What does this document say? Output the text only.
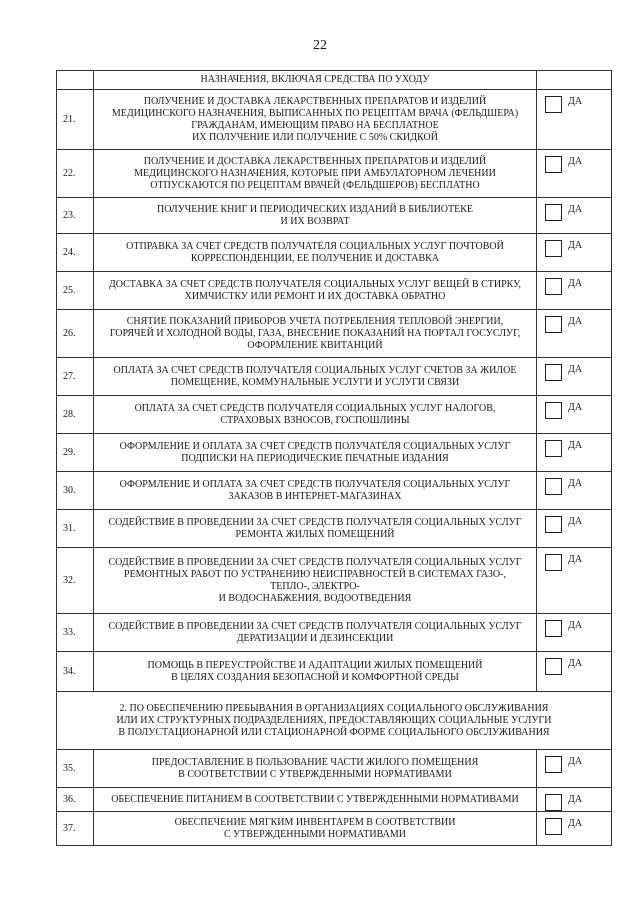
22
	НАЗНАЧЕНИЯ, ВКЛЮЧАЯ СРЕДСТВА ПО УХОДУ	
21.	ПОЛУЧЕНИЕ И ДОСТАВКА ЛЕКАРСТВЕННЫХ ПРЕПАРАТОВ И ИЗДЕЛИЙ
МЕДИЦИНСКОГО НАЗНАЧЕНИЯ, ВЫПИСАННЫХ ПО РЕЦЕПТАМ ВРАЧА (ФЕЛЬДШЕРА)
ГРАЖДАНАМ, ИМЕЮЩИМ ПРАВО НА БЕСПЛАТНОЕ
ИХ ПОЛУЧЕНИЕ ИЛИ ПОЛУЧЕНИЕ С 50% СКИДКОЙ	ДА

22.	ПОЛУЧЕНИЕ И ДОСТАВКА ЛЕКАРСТВЕННЫХ ПРЕПАРАТОВ И ИЗДЕЛИЙ
МЕДИЦИНСКОГО НАЗНАЧЕНИЯ, КОТОРЫЕ ПРИ АМБУЛАТОРНОМ ЛЕЧЕНИИ
ОТПУСКАЮТСЯ ПО РЕЦЕПТАМ ВРАЧЕЙ (ФЕЛЬДШЕРОВ) БЕСПЛАТНО	ДА

23.	ПОЛУЧЕНИЕ КНИГ И ПЕРИОДИЧЕСКИХ ИЗДАНИЙ В БИБЛИОТЕКЕ
И ИХ ВОЗВРАТ	ДА

24.	ОТПРАВКА ЗА СЧЕТ СРЕДСТВ ПОЛУЧАТЕЛЯ СОЦИАЛЬНЫХ УСЛУГ ПОЧТОВОЙ
КОРРЕСПОНДЕНЦИИ, ЕЕ ПОЛУЧЕНИЕ И ДОСТАВКА	ДА

25.	ДОСТАВКА ЗА СЧЕТ СРЕДСТВ ПОЛУЧАТЕЛЯ СОЦИАЛЬНЫХ УСЛУГ ВЕЩЕЙ В СТИРКУ,
ХИМЧИСТКУ ИЛИ РЕМОНТ И ИХ ДОСТАВКА ОБРАТНО	ДА

26.	СНЯТИЕ ПОКАЗАНИЙ ПРИБОРОВ УЧЕТА ПОТРЕБЛЕНИЯ ТЕПЛОВОЙ ЭНЕРГИИ,
ГОРЯЧЕЙ И ХОЛОДНОЙ ВОДЫ, ГАЗА, ВНЕСЕНИЕ ПОКАЗАНИЙ НА ПОРТАЛ ГОСУСЛУГ,
ОФОРМЛЕНИЕ КВИТАНЦИЙ	ДА

27.	ОПЛАТА ЗА СЧЕТ СРЕДСТВ ПОЛУЧАТЕЛЯ СОЦИАЛЬНЫХ УСЛУГ СЧЕТОВ ЗА ЖИЛОЕ
ПОМЕЩЕНИЕ, КОММУНАЛЬНЫЕ УСЛУГИ И УСЛУГИ СВЯЗИ	ДА

28.	ОПЛАТА ЗА СЧЕТ СРЕДСТВ ПОЛУЧАТЕЛЯ СОЦИАЛЬНЫХ УСЛУГ НАЛОГОВ,
СТРАХОВЫХ ВЗНОСОВ, ГОСПОШЛИНЫ	ДА

29.	ОФОРМЛЕНИЕ И ОПЛАТА ЗА СЧЕТ СРЕДСТВ ПОЛУЧАТЕЛЯ СОЦИАЛЬНЫХ УСЛУГ
ПОДПИСКИ НА ПЕРИОДИЧЕСКИЕ ПЕЧАТНЫЕ ИЗДАНИЯ	ДА

30.	ОФОРМЛЕНИЕ И ОПЛАТА ЗА СЧЕТ СРЕДСТВ ПОЛУЧАТЕЛЯ СОЦИАЛЬНЫХ УСЛУГ
ЗАКАЗОВ В ИНТЕРНЕТ-МАГАЗИНАХ	ДА

31.	СОДЕЙСТВИЕ В ПРОВЕДЕНИИ ЗА СЧЕТ СРЕДСТВ ПОЛУЧАТЕЛЯ СОЦИАЛЬНЫХ УСЛУГ
РЕМОНТА ЖИЛЫХ ПОМЕЩЕНИЙ	ДА

32.	СОДЕЙСТВИЕ В ПРОВЕДЕНИИ ЗА СЧЕТ СРЕДСТВ ПОЛУЧАТЕЛЯ СОЦИАЛЬНЫХ УСЛУГ
РЕМОНТНЫХ РАБОТ ПО УСТРАНЕНИЮ НЕИСПРАВНОСТЕЙ В СИСТЕМАХ ГАЗО-,
ТЕПЛО-, ЭЛЕКТРО-
И ВОДОСНАБЖЕНИЯ, ВОДООТВЕДЕНИЯ	ДА

33.	СОДЕЙСТВИЕ В ПРОВЕДЕНИИ ЗА СЧЕТ СРЕДСТВ ПОЛУЧАТЕЛЯ СОЦИАЛЬНЫХ УСЛУГ
ДЕРАТИЗАЦИИ И ДЕЗИНСЕКЦИИ	ДА

34.	ПОМОЩЬ В ПЕРЕУСТРОЙСТВЕ И АДАПТАЦИИ ЖИЛЫХ ПОМЕЩЕНИЙ
В ЦЕЛЯХ СОЗДАНИЯ БЕЗОПАСНОЙ И КОМФОРТНОЙ СРЕДЫ	ДА

2. ПО ОБЕСПЕЧЕНИЮ ПРЕБЫВАНИЯ В ОРГАНИЗАЦИЯХ СОЦИАЛЬНОГО ОБСЛУЖИВАНИЯ
ИЛИ ИХ СТРУКТУРНЫХ ПОДРАЗДЕЛЕНИЯХ, ПРЕДОСТАВЛЯЮЩИХ СОЦИАЛЬНЫЕ УСЛУГИ
В ПОЛУСТАЦИОНАРНОЙ ИЛИ СТАЦИОНАРНОЙ ФОРМЕ СОЦИАЛЬНОГО ОБСЛУЖИВАНИЯ		
35.	ПРЕДОСТАВЛЕНИЕ В ПОЛЬЗОВАНИЕ ЧАСТИ ЖИЛОГО ПОМЕЩЕНИЯ
В СООТВЕТСТВИИ С УТВЕРЖДЕННЫМИ НОРМАТИВАМИ	ДА

36.	ОБЕСПЕЧЕНИЕ ПИТАНИЕМ В СООТВЕТСТВИИ С УТВЕРЖДЕННЫМИ НОРМАТИВАМИ	ДА

37.	ОБЕСПЕЧЕНИЕ МЯГКИМ ИНВЕНТАРЕМ В СООТВЕТСТВИИ
С УТВЕРЖДЕННЫМИ НОРМАТИВАМИ	ДА
